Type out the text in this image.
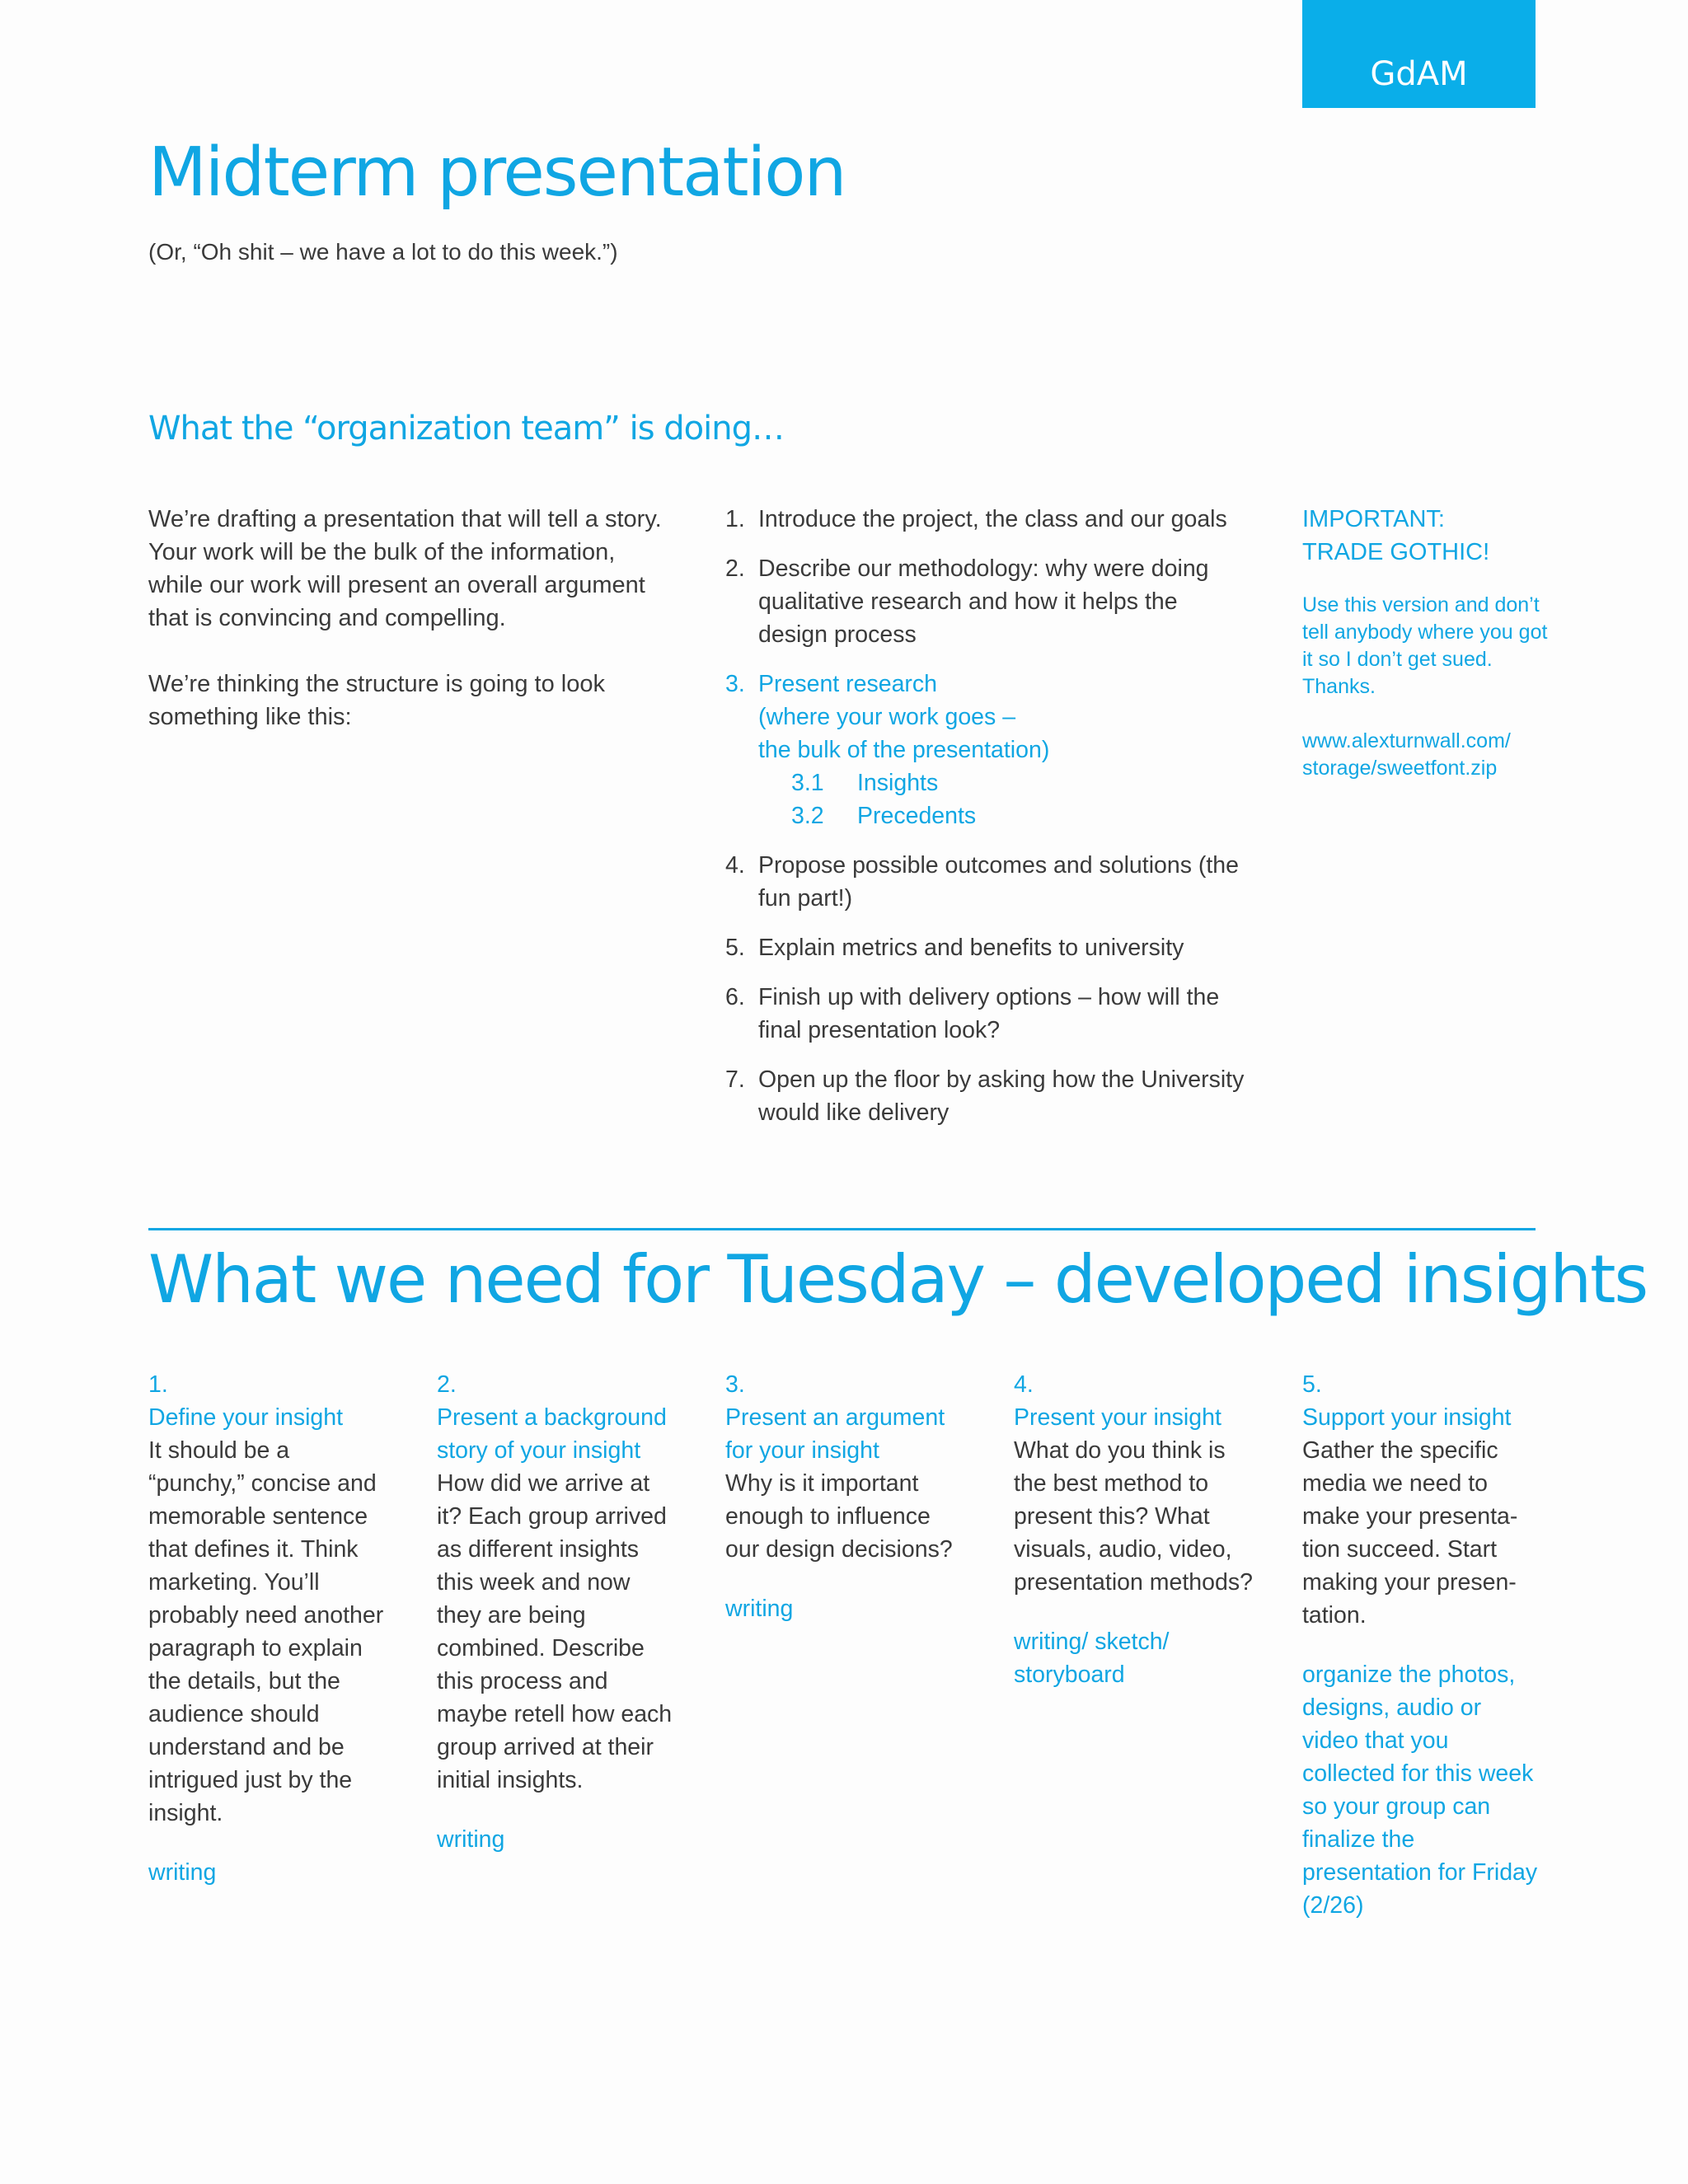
GdAM
Midterm presentation
(Or, “Oh shit – we have a lot to do this week.”)
What the “organization team” is doing…

We’re drafting a presentation that will tell a story. Your work will be the bulk of the information, while our work will present an overall argument that is convincing and compelling.

We’re thinking the structure is going to look something like this:

1. Introduce the project, the class and our goals
2. Describe our methodology: why were doing qualitative research and how it helps the design process
3. Present research
(where your work goes –
the bulk of the presentation)
3.1	Insights
3.2	Precedents
4. Propose possible outcomes and solutions (the fun part!)
5. Explain metrics and benefits to university
6. Finish up with delivery options – how will the final presentation look?
7. Open up the floor by asking how the University would like delivery

IMPORTANT:
TRADE GOTHIC!

Use this version and don’t tell anybody where you got it so I don’t get sued. Thanks.

www.alexturnwall.com/
storage/sweetfont.zip

What we need for Tuesday – developed insights

1.

Define your insight

It should be a “punchy,” concise and memorable sentence that defines it. Think marketing. You’ll probably need another paragraph to explain the details, but the audience should understand and be intrigued just by the insight.

writing

2.

Present a background story of your insight

How did we arrive at it? Each group arrived as different insights this week and now they are being combined. Describe this process and maybe retell how each group arrived at their initial insights.

writing

3.

Present an argument for your insight

Why is it important enough to influence our design decisions?

writing

4.

Present your insight

What do you think is the best method to present this? What visuals, audio, video, presentation methods?

writing/ sketch/ storyboard

5.

Support your insight

Gather the specific media we need to make your presenta-tion succeed. Start making your presen-tation.

organize the photos, designs, audio or video that you collected for this week so your group can finalize the presentation for Friday (2/26)
